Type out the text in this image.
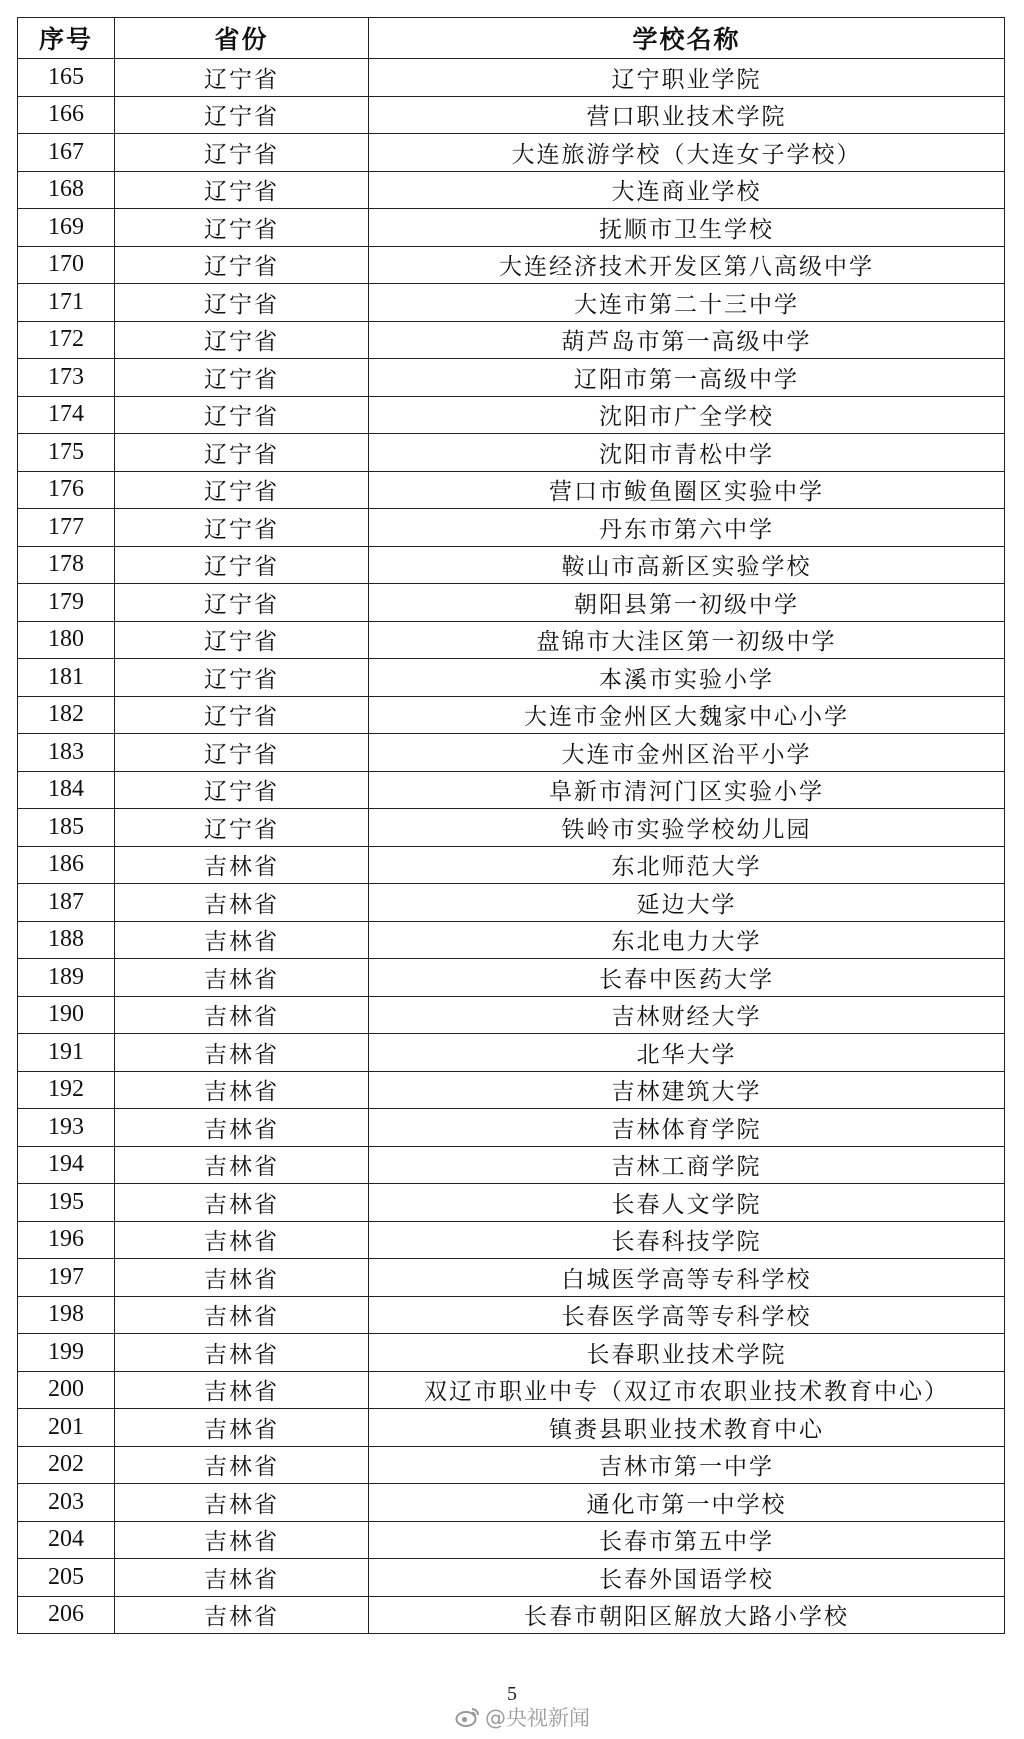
序号	省份	学校名称
165	辽宁省	辽宁职业学院
166	辽宁省	营口职业技术学院
167	辽宁省	大连旅游学校（大连女子学校）
168	辽宁省	大连商业学校
169	辽宁省	抚顺市卫生学校
170	辽宁省	大连经济技术开发区第八高级中学
171	辽宁省	大连市第二十三中学
172	辽宁省	葫芦岛市第一高级中学
173	辽宁省	辽阳市第一高级中学
174	辽宁省	沈阳市广全学校
175	辽宁省	沈阳市青松中学
176	辽宁省	营口市鲅鱼圈区实验中学
177	辽宁省	丹东市第六中学
178	辽宁省	鞍山市高新区实验学校
179	辽宁省	朝阳县第一初级中学
180	辽宁省	盘锦市大洼区第一初级中学
181	辽宁省	本溪市实验小学
182	辽宁省	大连市金州区大魏家中心小学
183	辽宁省	大连市金州区治平小学
184	辽宁省	阜新市清河门区实验小学
185	辽宁省	铁岭市实验学校幼儿园
186	吉林省	东北师范大学
187	吉林省	延边大学
188	吉林省	东北电力大学
189	吉林省	长春中医药大学
190	吉林省	吉林财经大学
191	吉林省	北华大学
192	吉林省	吉林建筑大学
193	吉林省	吉林体育学院
194	吉林省	吉林工商学院
195	吉林省	长春人文学院
196	吉林省	长春科技学院
197	吉林省	白城医学高等专科学校
198	吉林省	长春医学高等专科学校
199	吉林省	长春职业技术学院
200	吉林省	双辽市职业中专（双辽市农职业技术教育中心）
201	吉林省	镇赉县职业技术教育中心
202	吉林省	吉林市第一中学
203	吉林省	通化市第一中学校
204	吉林省	长春市第五中学
205	吉林省	长春外国语学校
206	吉林省	长春市朝阳区解放大路小学校
5
@央视新闻
